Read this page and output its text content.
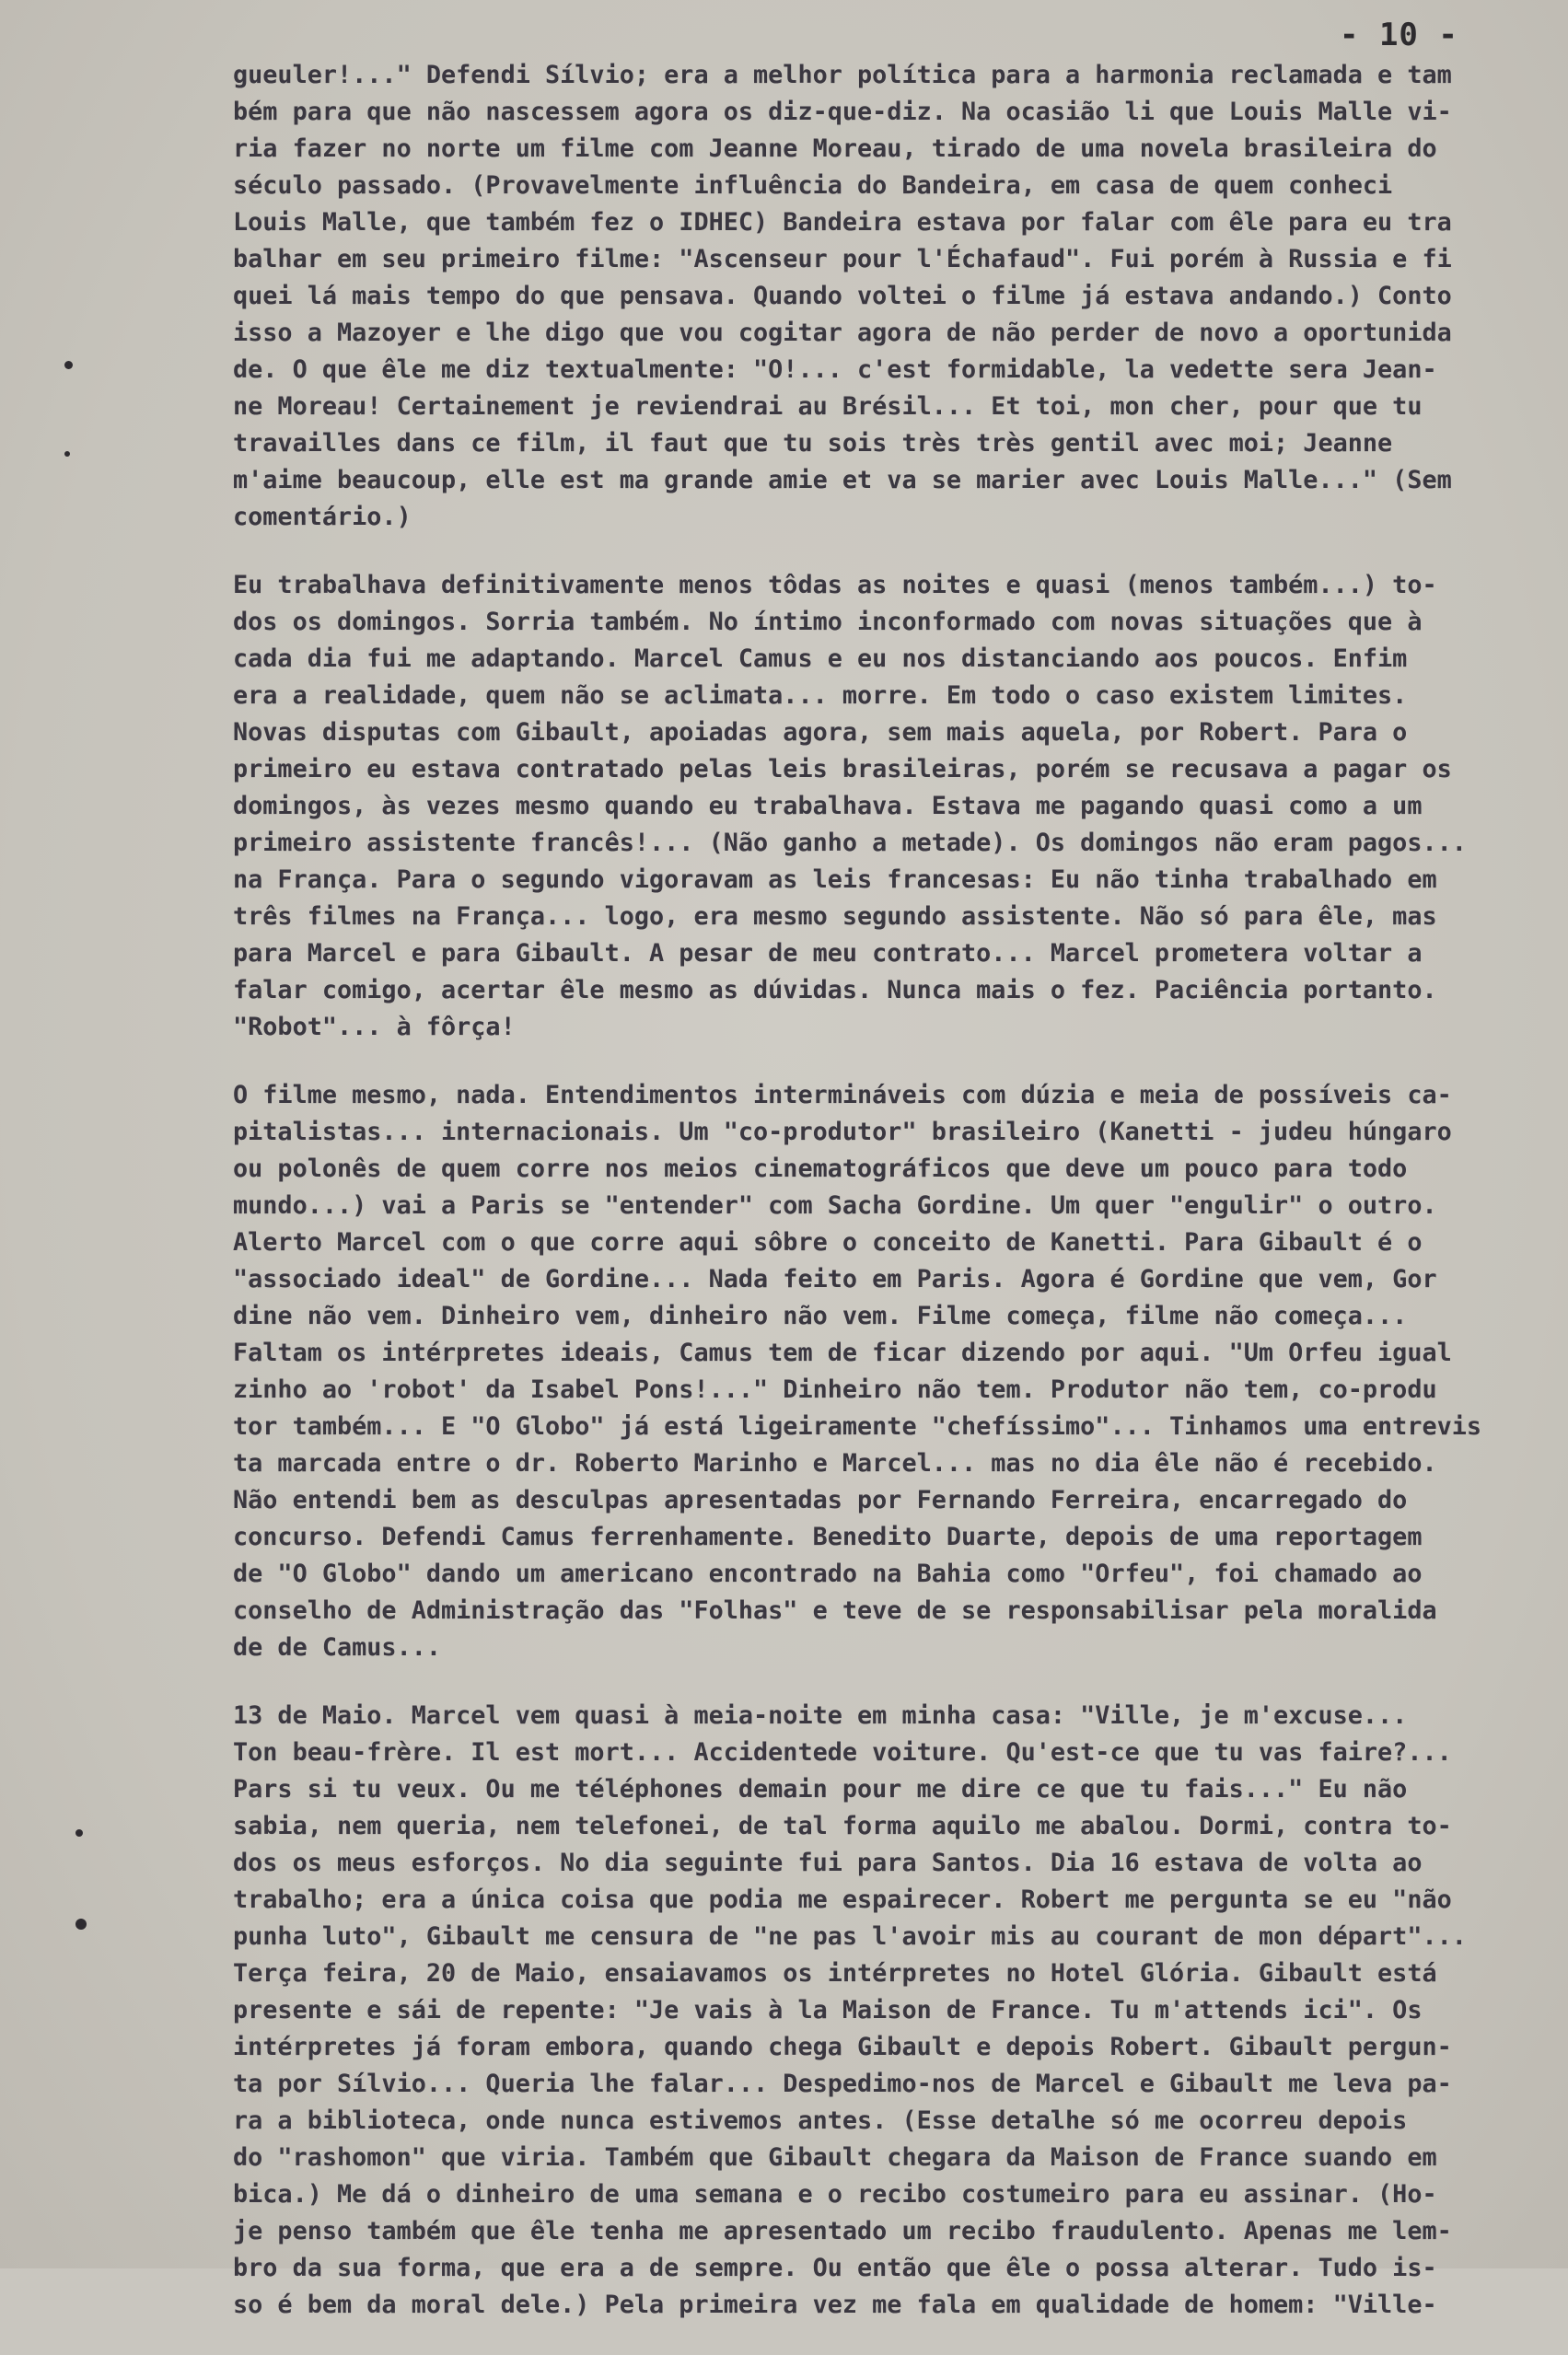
- 10 -
gueuler!..." Defendi Sílvio; era a melhor política para a harmonia reclamada e tam
bém para que não nascessem agora os diz-que-diz. Na ocasião li que Louis Malle vi-
ria fazer no norte um filme com Jeanne Moreau, tirado de uma novela brasileira do
século passado. (Provavelmente influência do Bandeira, em casa de quem conheci
Louis Malle, que também fez o IDHEC) Bandeira estava por falar com êle para eu tra
balhar em seu primeiro filme: "Ascenseur pour l'Échafaud". Fui porém à Russia e fi
quei lá mais tempo do que pensava. Quando voltei o filme já estava andando.) Conto
isso a Mazoyer e lhe digo que vou cogitar agora de não perder de novo a oportunida
de. O que êle me diz textualmente: "O!... c'est formidable, la vedette sera Jean-
ne Moreau! Certainement je reviendrai au Brésil... Et toi, mon cher, pour que tu
travailles dans ce film, il faut que tu sois très très gentil avec moi; Jeanne
m'aime beaucoup, elle est ma grande amie et va se marier avec Louis Malle..." (Sem
comentário.)
Eu trabalhava definitivamente menos tôdas as noites e quasi (menos também...) to-
dos os domingos. Sorria também. No íntimo inconformado com novas situações que à
cada dia fui me adaptando. Marcel Camus e eu nos distanciando aos poucos. Enfim
era a realidade, quem não se aclimata... morre. Em todo o caso existem limites.
Novas disputas com Gibault, apoiadas agora, sem mais aquela, por Robert. Para o
primeiro eu estava contratado pelas leis brasileiras, porém se recusava a pagar os
domingos, às vezes mesmo quando eu trabalhava. Estava me pagando quasi como a um
primeiro assistente francês!... (Não ganho a metade). Os domingos não eram pagos...
na França. Para o segundo vigoravam as leis francesas: Eu não tinha trabalhado em
três filmes na França... logo, era mesmo segundo assistente. Não só para êle, mas
para Marcel e para Gibault. A pesar de meu contrato... Marcel prometera voltar a
falar comigo, acertar êle mesmo as dúvidas. Nunca mais o fez. Paciência portanto.
"Robot"... à fôrça!
O filme mesmo, nada. Entendimentos intermináveis com dúzia e meia de possíveis ca-
pitalistas... internacionais. Um "co-produtor" brasileiro (Kanetti - judeu húngaro
ou polonês de quem corre nos meios cinematográficos que deve um pouco para todo
mundo...) vai a Paris se "entender" com Sacha Gordine. Um quer "engulir" o outro.
Alerto Marcel com o que corre aqui sôbre o conceito de Kanetti. Para Gibault é o
"associado ideal" de Gordine... Nada feito em Paris. Agora é Gordine que vem, Gor
dine não vem. Dinheiro vem, dinheiro não vem. Filme começa, filme não começa...
Faltam os intérpretes ideais, Camus tem de ficar dizendo por aqui. "Um Orfeu igual
zinho ao 'robot' da Isabel Pons!..." Dinheiro não tem. Produtor não tem, co-produ
tor também... E "O Globo" já está ligeiramente "chefíssimo"... Tinhamos uma entrevis
ta marcada entre o dr. Roberto Marinho e Marcel... mas no dia êle não é recebido.
Não entendi bem as desculpas apresentadas por Fernando Ferreira, encarregado do
concurso. Defendi Camus ferrenhamente. Benedito Duarte, depois de uma reportagem
de "O Globo" dando um americano encontrado na Bahia como "Orfeu", foi chamado ao
conselho de Administração das "Folhas" e teve de se responsabilisar pela moralida
de de Camus...
13 de Maio. Marcel vem quasi à meia-noite em minha casa: "Ville, je m'excuse...
Ton beau-frère. Il est mort... Accidentede voiture. Qu'est-ce que tu vas faire?...
Pars si tu veux. Ou me téléphones demain pour me dire ce que tu fais..." Eu não
sabia, nem queria, nem telefonei, de tal forma aquilo me abalou. Dormi, contra to-
dos os meus esforços. No dia seguinte fui para Santos. Dia 16 estava de volta ao
trabalho; era a única coisa que podia me espairecer. Robert me pergunta se eu "não
punha luto", Gibault me censura de "ne pas l'avoir mis au courant de mon départ"...
Terça feira, 20 de Maio, ensaiavamos os intérpretes no Hotel Glória. Gibault está
presente e sái de repente: "Je vais à la Maison de France. Tu m'attends ici". Os
intérpretes já foram embora, quando chega Gibault e depois Robert. Gibault pergun-
ta por Sílvio... Queria lhe falar... Despedimo-nos de Marcel e Gibault me leva pa-
ra a biblioteca, onde nunca estivemos antes. (Esse detalhe só me ocorreu depois
do "rashomon" que viria. Também que Gibault chegara da Maison de France suando em
bica.) Me dá o dinheiro de uma semana e o recibo costumeiro para eu assinar. (Ho-
je penso também que êle tenha me apresentado um recibo fraudulento. Apenas me lem-
bro da sua forma, que era a de sempre. Ou então que êle o possa alterar. Tudo is-
so é bem da moral dele.) Pela primeira vez me fala em qualidade de homem: "Ville-
